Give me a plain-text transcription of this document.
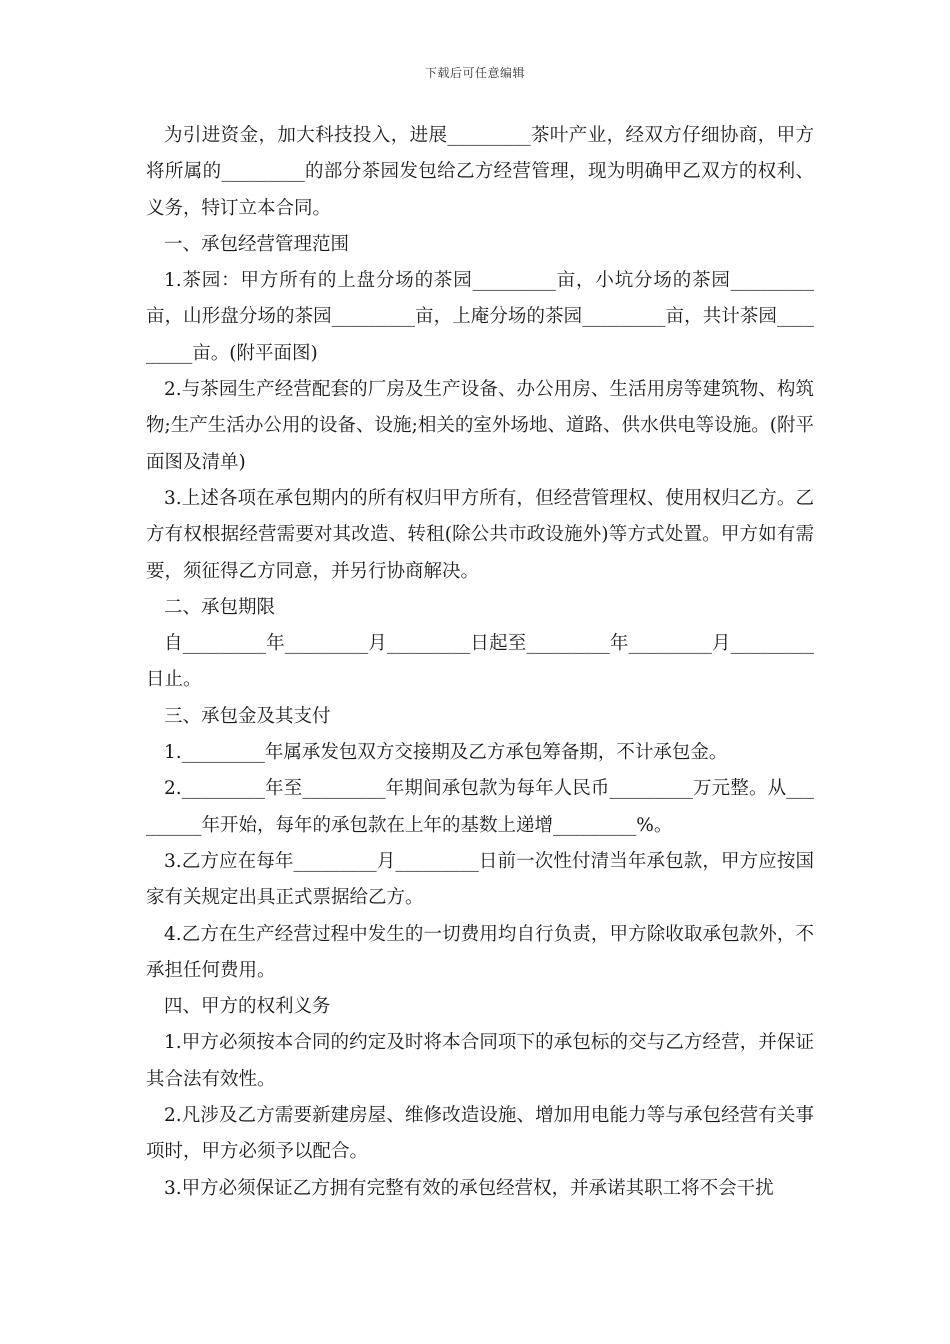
下载后可任意编辑

为引进资金，加大科技投入，进展_________茶叶产业，经双方仔细协商，甲方将所属的_________的部分茶园发包给乙方经营管理，现为明确甲乙双方的权利、义务，特订立本合同。

一、承包经营管理范围

1.茶园：甲方所有的上盘分场的茶园_________亩，小坑分场的茶园_________亩，山形盘分场的茶园_________亩，上庵分场的茶园_________亩，共计茶园_________亩。(附平面图)

2.与茶园生产经营配套的厂房及生产设备、办公用房、生活用房等建筑物、构筑物;生产生活办公用的设备、设施;相关的室外场地、道路、供水供电等设施。(附平面图及清单)

3.上述各项在承包期内的所有权归甲方所有，但经营管理权、使用权归乙方。乙方有权根据经营需要对其改造、转租(除公共市政设施外)等方式处置。甲方如有需要，须征得乙方同意，并另行协商解决。

二、承包期限

自_________年_________月_________日起至_________年_________月_________日止。

三、承包金及其支付

1._________年属承发包双方交接期及乙方承包筹备期，不计承包金。

2._________年至_________年期间承包款为每年人民币_________万元整。从_________年开始，每年的承包款在上年的基数上递增_________%。

3.乙方应在每年_________月_________日前一次性付清当年承包款，甲方应按国家有关规定出具正式票据给乙方。

4.乙方在生产经营过程中发生的一切费用均自行负责，甲方除收取承包款外，不承担任何费用。

四、甲方的权利义务

1.甲方必须按本合同的约定及时将本合同项下的承包标的交与乙方经营，并保证其合法有效性。

2.凡涉及乙方需要新建房屋、维修改造设施、增加用电能力等与承包经营有关事项时，甲方必须予以配合。

3.甲方必须保证乙方拥有完整有效的承包经营权，并承诺其职工将不会干扰
